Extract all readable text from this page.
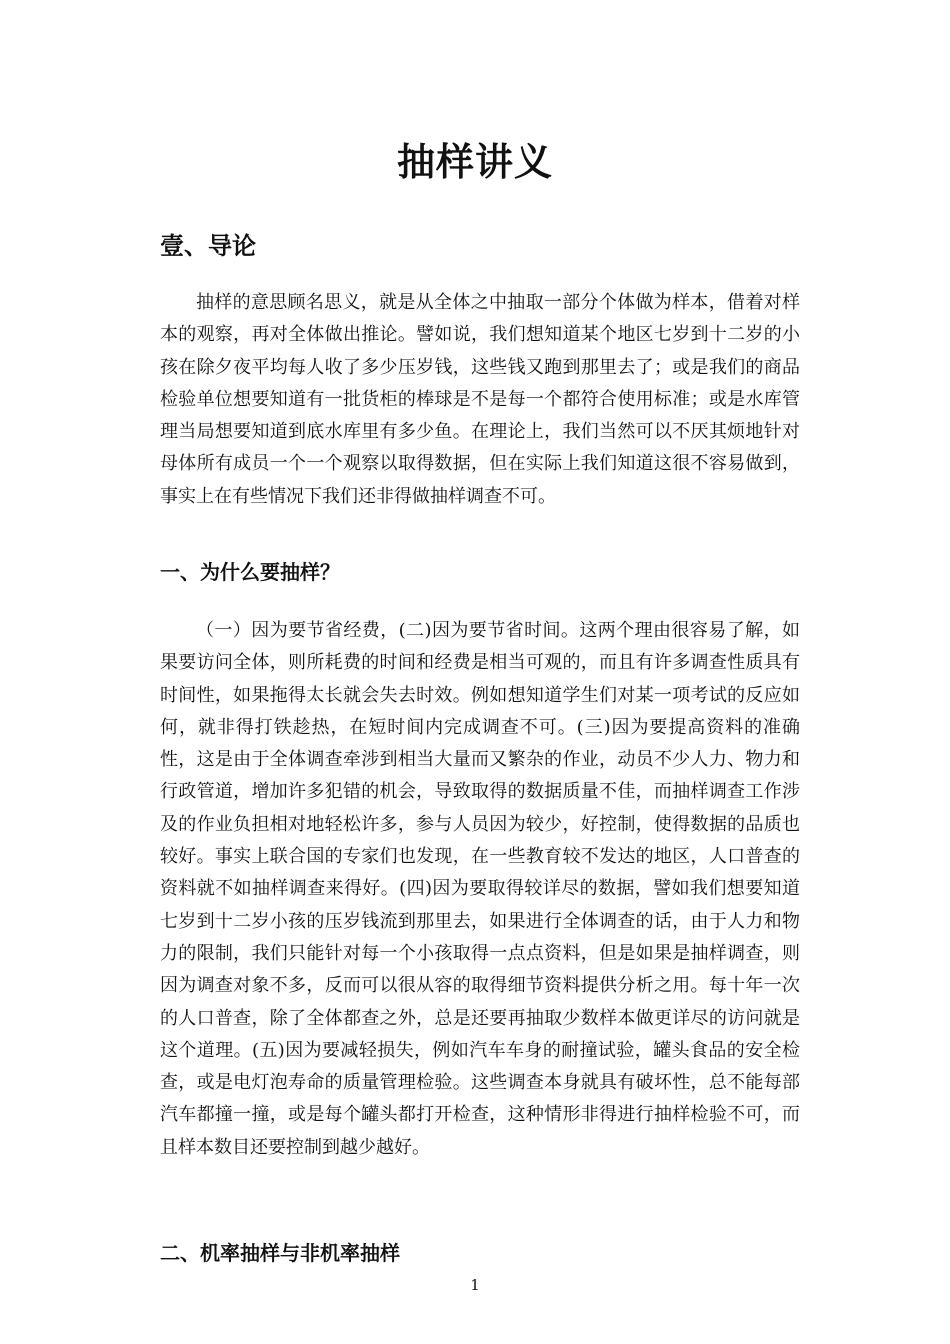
抽样讲义
壹、导论
抽样的意思顾名思义，就是从全体之中抽取一部分个体做为样本，借着对样本的观察，再对全体做出推论。譬如说，我们想知道某个地区七岁到十二岁的小孩在除夕夜平均每人收了多少压岁钱，这些钱又跑到那里去了；或是我们的商品检验单位想要知道有一批货柜的棒球是不是每一个都符合使用标准；或是水库管理当局想要知道到底水库里有多少鱼。在理论上，我们当然可以不厌其烦地针对母体所有成员一个一个观察以取得数据，但在实际上我们知道这很不容易做到，事实上在有些情况下我们还非得做抽样调查不可。
一、为什么要抽样？
（一）因为要节省经费，(二)因为要节省时间。这两个理由很容易了解，如果要访问全体，则所耗费的时间和经费是相当可观的，而且有许多调查性质具有时间性，如果拖得太长就会失去时效。例如想知道学生们对某一项考试的反应如何，就非得打铁趁热，在短时间内完成调查不可。(三)因为要提高资料的准确性，这是由于全体调查牵涉到相当大量而又繁杂的作业，动员不少人力、物力和行政管道，增加许多犯错的机会，导致取得的数据质量不佳，而抽样调查工作涉及的作业负担相对地轻松许多，参与人员因为较少，好控制，使得数据的品质也较好。事实上联合国的专家们也发现，在一些教育较不发达的地区，人口普查的资料就不如抽样调查来得好。(四)因为要取得较详尽的数据，譬如我们想要知道七岁到十二岁小孩的压岁钱流到那里去，如果进行全体调查的话，由于人力和物力的限制，我们只能针对每一个小孩取得一点点资料，但是如果是抽样调查，则因为调查对象不多，反而可以很从容的取得细节资料提供分析之用。每十年一次的人口普查，除了全体都查之外，总是还要再抽取少数样本做更详尽的访问就是这个道理。(五)因为要减轻损失，例如汽车车身的耐撞试验，罐头食品的安全检查，或是电灯泡寿命的质量管理检验。这些调查本身就具有破坏性，总不能每部汽车都撞一撞，或是每个罐头都打开检查，这种情形非得进行抽样检验不可，而且样本数目还要控制到越少越好。
二、机率抽样与非机率抽样
1
